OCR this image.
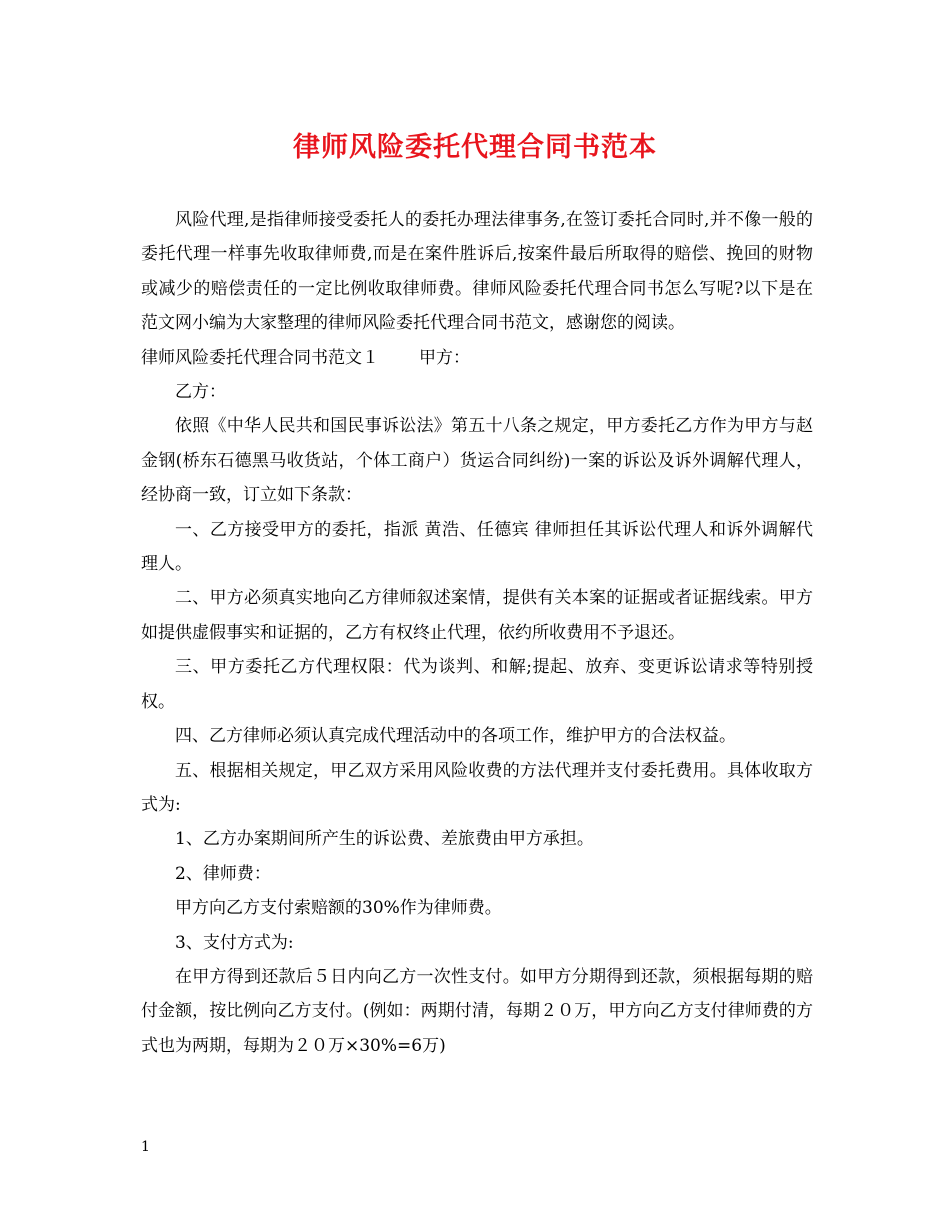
律师风险委托代理合同书范本

风险代理,是指律师接受委托人的委托办理法律事务,在签订委托合同时,并不像一般的委托代理一样事先收取律师费,而是在案件胜诉后,按案件最后所取得的赔偿、挽回的财物或减少的赔偿责任的一定比例收取律师费。律师风险委托代理合同书怎么写呢?以下是在范文网小编为大家整理的律师风险委托代理合同书范文，感谢您的阅读。

律师风险委托代理合同书范文１ 甲方：

乙方：

依照《中华人民共和国民事诉讼法》第五十八条之规定，甲方委托乙方作为甲方与赵金钢(桥东石德黑马收货站，个体工商户）货运合同纠纷)一案的诉讼及诉外调解代理人，经协商一致，订立如下条款：

一、乙方接受甲方的委托，指派 黄浩、任德宾 律师担任其诉讼代理人和诉外调解代理人。

二、甲方必须真实地向乙方律师叙述案情，提供有关本案的证据或者证据线索。甲方如提供虚假事实和证据的，乙方有权终止代理，依约所收费用不予退还。

三、甲方委托乙方代理权限：代为谈判、和解;提起、放弃、变更诉讼请求等特别授权。

四、乙方律师必须认真完成代理活动中的各项工作，维护甲方的合法权益。

五、根据相关规定，甲乙双方采用风险收费的方法代理并支付委托费用。具体收取方式为:

1、乙方办案期间所产生的诉讼费、差旅费由甲方承担。

2、律师费：

甲方向乙方支付索赔额的30%作为律师费。

3、支付方式为:

在甲方得到还款后５日内向乙方一次性支付。如甲方分期得到还款，须根据每期的赔付金额，按比例向乙方支付。(例如：两期付清，每期２０万，甲方向乙方支付律师费的方式也为两期，每期为２０万×30%=6万)

1
